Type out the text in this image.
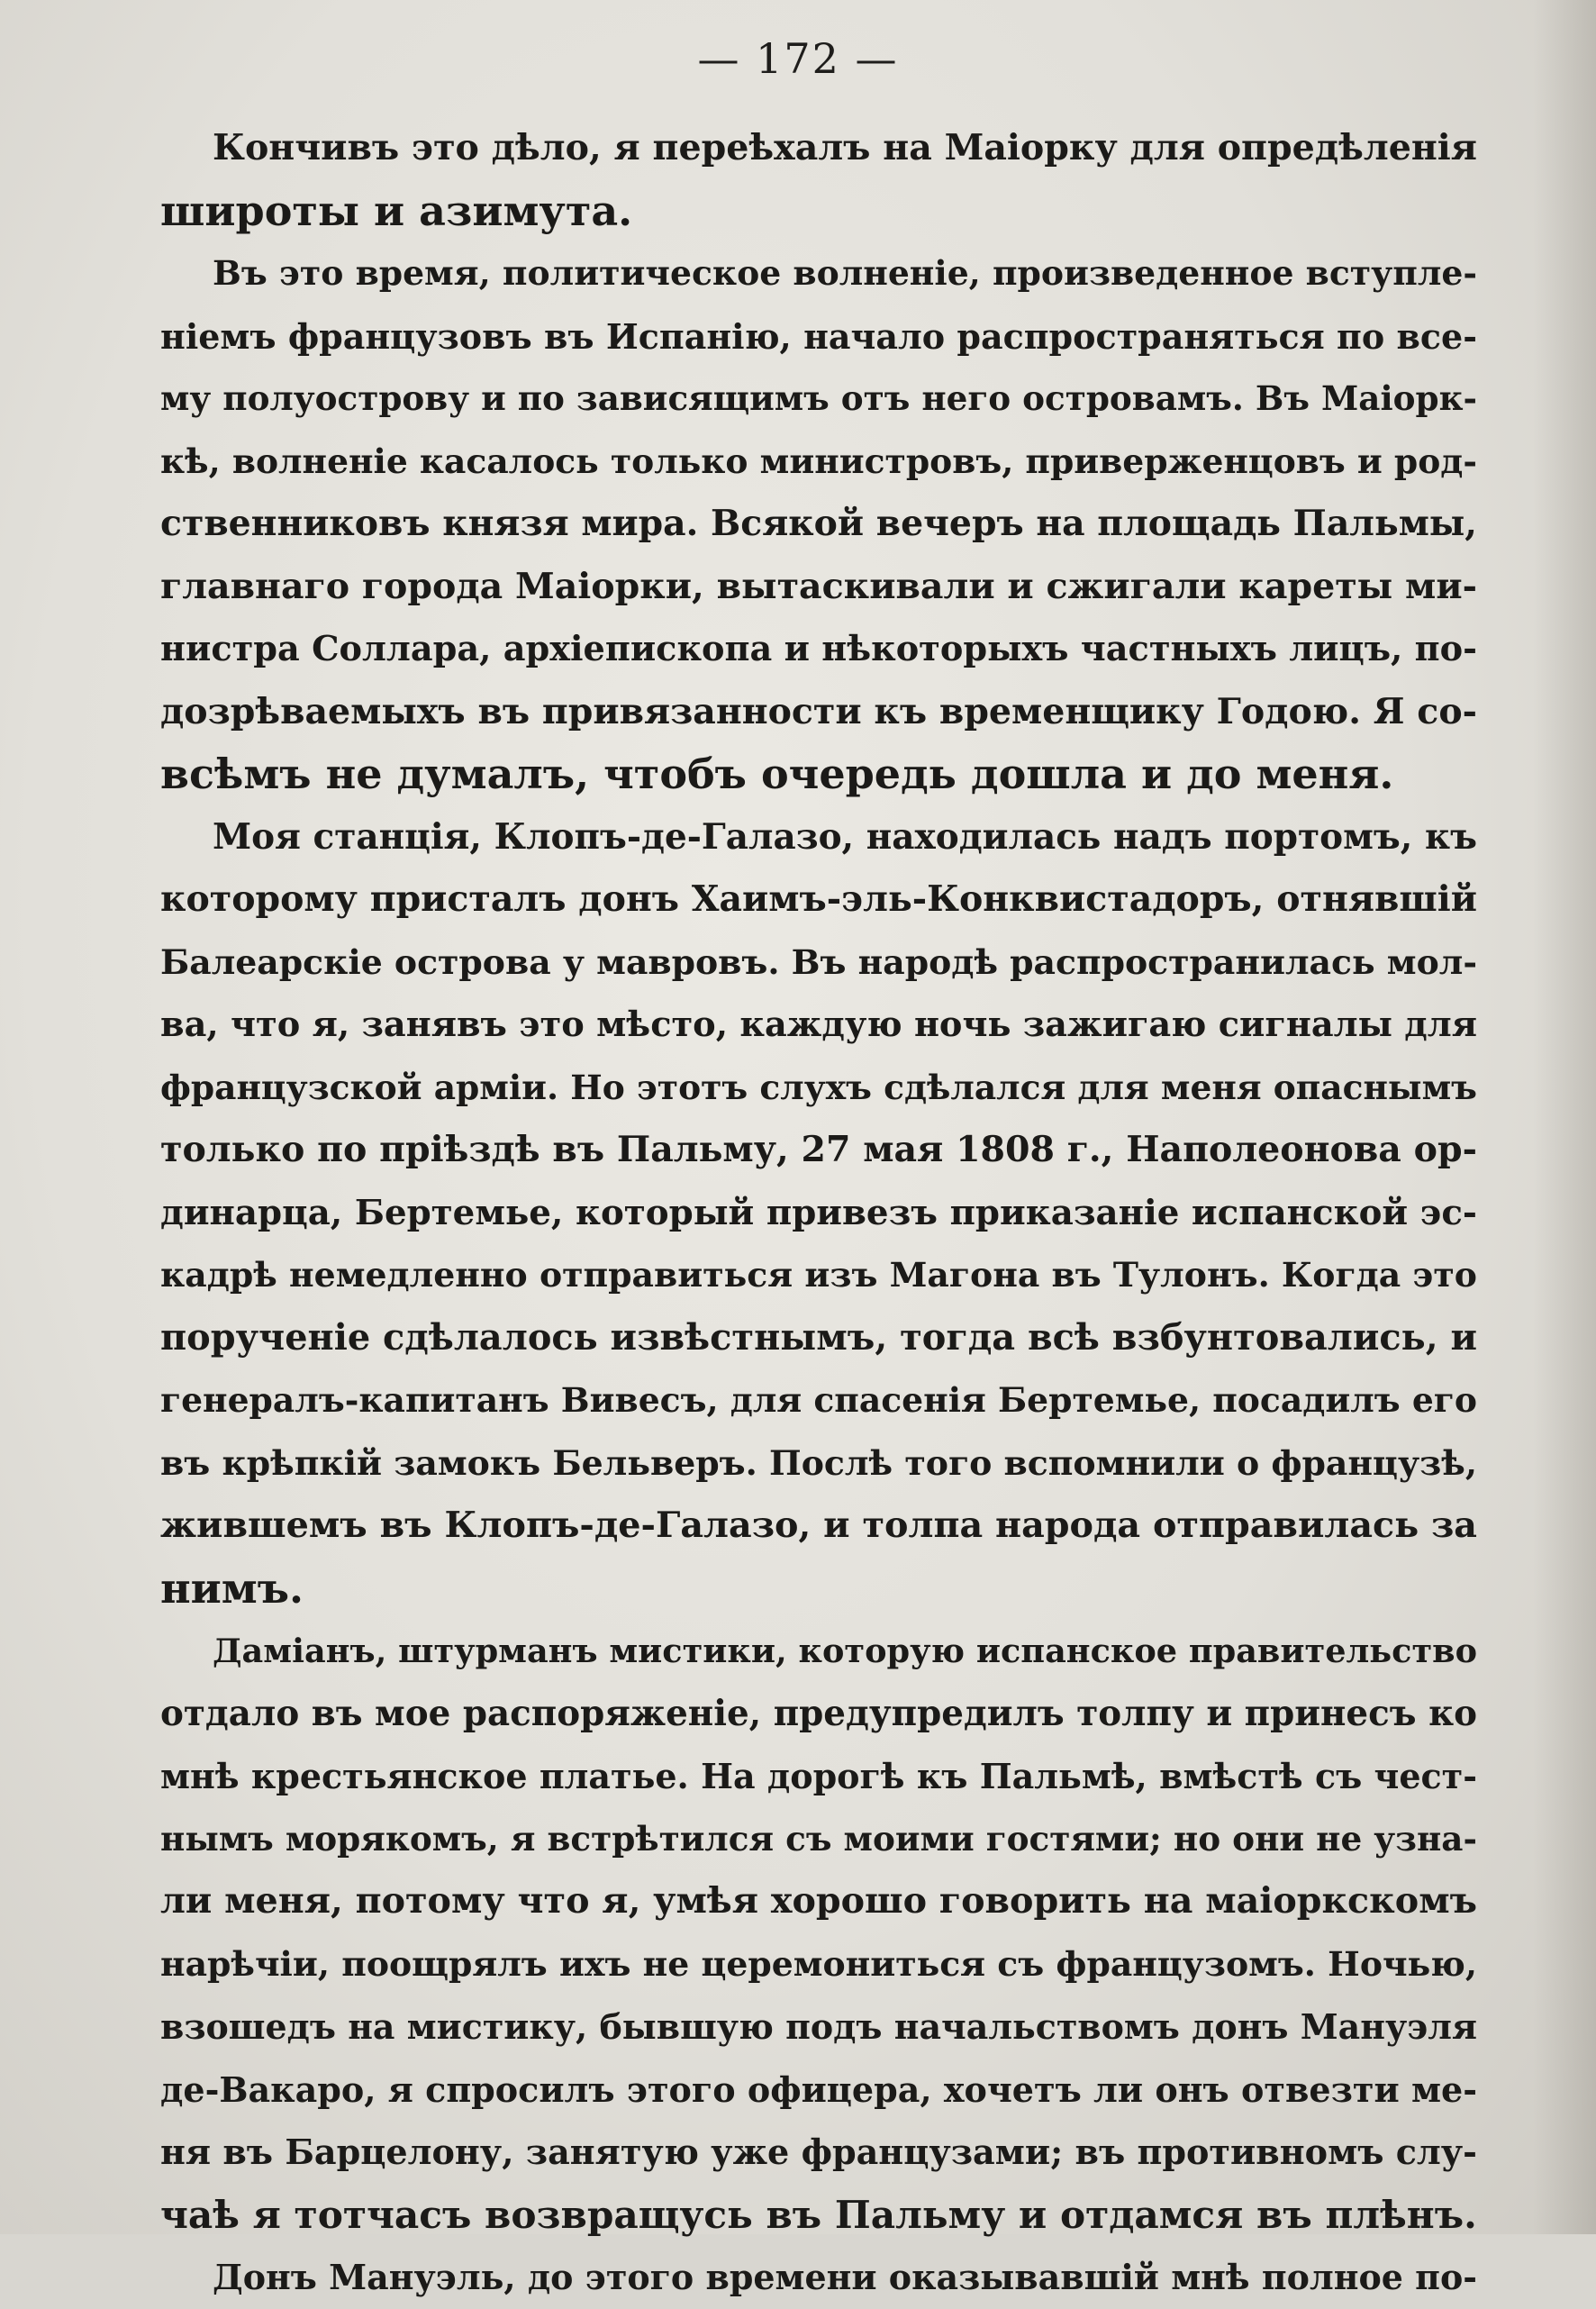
— 172 —

Кончивъ это дѣло, я переѣхалъ на Маіорку для опредѣленія
широты и азимута.

Въ это время, политическое волненіе, произведенное вступле-
ніемъ французовъ въ Испанію, начало распространяться по все-
му полуострову и по зависящимъ отъ него островамъ. Въ Маіорк-
кѣ, волненіе касалось только министровъ, приверженцовъ и род-
ственниковъ князя мира. Всякой вечеръ на площадь Пальмы,
главнаго города Маіорки, вытаскивали и сжигали кареты ми-
нистра Соллара, архіепископа и нѣкоторыхъ частныхъ лицъ, по-
дозрѣваемыхъ въ привязанности къ временщику Годою. Я со-
всѣмъ не думалъ, чтобъ очередь дошла и до меня.

Моя станція, Клопъ-де-Галазо, находилась надъ портомъ, къ
которому присталъ донъ Хаимъ-эль-Конквистадоръ, отнявшій
Балеарскіе острова у мавровъ. Въ народѣ распространилась мол-
ва, что я, занявъ это мѣсто, каждую ночь зажигаю сигналы для
французской арміи. Но этотъ слухъ сдѣлался для меня опаснымъ
только по пріѣздѣ въ Пальму, 27 мая 1808 г., Наполеонова ор-
динарца, Бертемье, который привезъ приказаніе испанской эс-
кадрѣ немедленно отправиться изъ Магона въ Тулонъ. Когда это
порученіе сдѣлалось извѣстнымъ, тогда всѣ взбунтовались, и
генералъ-капитанъ Вивесъ, для спасенія Бертемье, посадилъ его
въ крѣпкій замокъ Бельверъ. Послѣ того вспомнили о французѣ,
жившемъ въ Клопъ-де-Галазо, и толпа народа отправилась за
нимъ.

Даміанъ, штурманъ мистики, которую испанское правительство
отдало въ мое распоряженіе, предупредилъ толпу и принесъ ко
мнѣ крестьянское платье. На дорогѣ къ Пальмѣ, вмѣстѣ съ чест-
нымъ морякомъ, я встрѣтился съ моими гостями; но они не узна-
ли меня, потому что я, умѣя хорошо говорить на маіоркскомъ
нарѣчіи, поощрялъ ихъ не церемониться съ французомъ. Ночью,
взошедъ на мистику, бывшую подъ начальствомъ донъ Мануэля
де-Вакаро, я спросилъ этого офицера, хочетъ ли онъ отвезти ме-
ня въ Барцелону, занятую уже французами; въ противномъ слу-
чаѣ я тотчасъ возвращусь въ Пальму и отдамся въ плѣнъ.

Донъ Мануэль, до этого времени оказывавшій мнѣ полное по-
